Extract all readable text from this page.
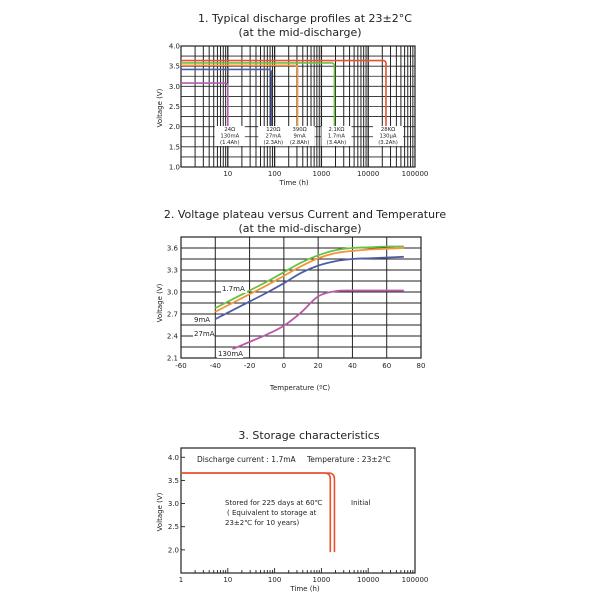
1. Typical discharge profiles at 23±2°C
(at the mid-discharge)
24Ω
130mA
(1.4Ah)
120Ω
27mA
(2.3Ah)
390Ω
9mA
(2.8Ah)
2.1KΩ
1.7mA
(3.4Ah)
28KΩ
130µA
(3.2Ah)
1.0
1.5
2.0
2.5
3.0
3.5
4.0
10	100	1000	10000	100000
Time (h)
Voltage (V)
2. Voltage plateau versus Current and Temperature
(at the mid-discharge)
2.1
2.4
2.7
3.0
3.3
3.6
-60	-40	-20	0	20	40	60	80
1.7mA
9mA
27mA
130mA
Temperature (ºC)
Voltage (V)
3. Storage characteristics
2.0
2.5
3.0
3.5
4.0
1	10	100	1000	10000	100000
Discharge current : 1.7mA Temperature : 23±2℃
Stored for 225 days at 60℃
( Equivalent to storage at
23±2℃ for 10 years)
Initial
Time (h)
Voltage (V)
